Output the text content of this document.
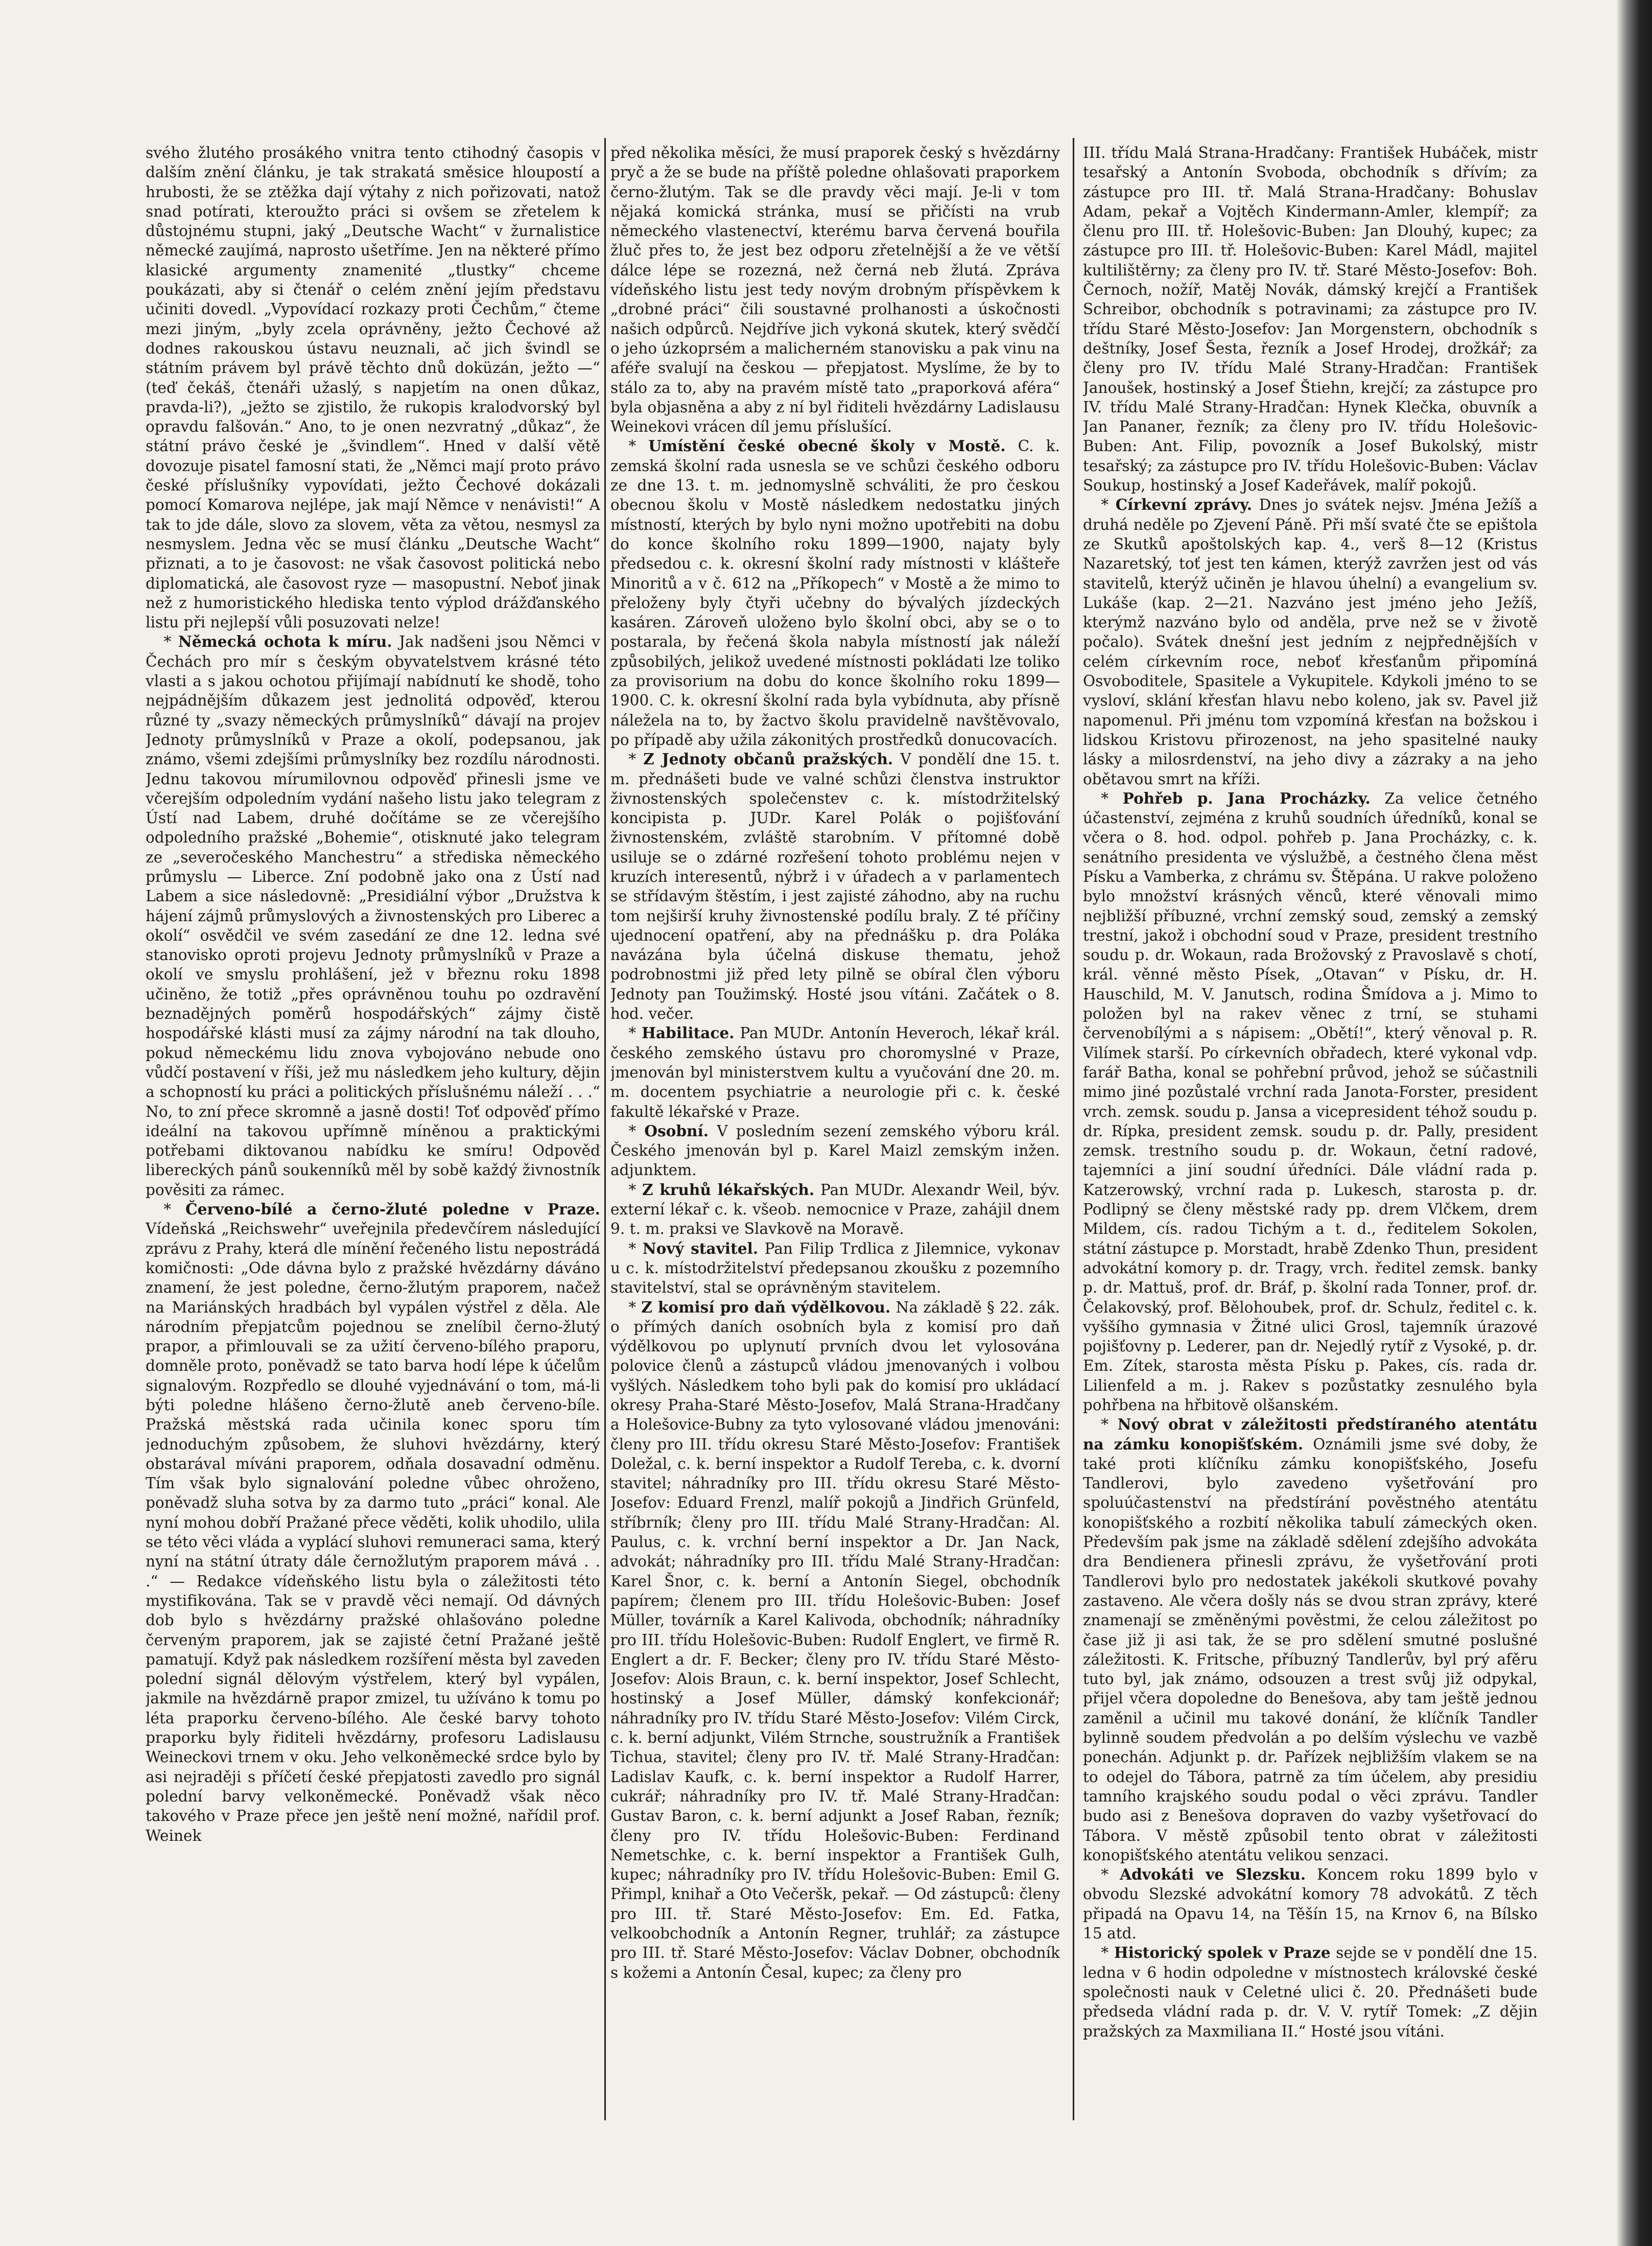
svého žlutého prosákého vnitra tento ctihodný časopis v dalším znění článku, je tak strakatá směsice hloupostí a hrubosti, že se ztěžka dají výtahy z nich pořizovati, natož snad potírati, kteroužto práci si ovšem se zřetelem k důstojnému stupni, jaký „Deutsche Wacht“ v žurnalistice německé zaujímá, naprosto ušetříme. Jen na některé přímo klasické argumenty znamenité „tlustky“ chceme poukázati, aby si čtenář o celém znění jejím představu učiniti dovedl. „Vypovídací rozkazy proti Čechům,“ čteme mezi jiným, „byly zcela oprávněny, ježto Čechové až dodnes rakouskou ústavu neuznali, ač jich švindl se státním právem byl právě těchto dnů doküzán, ježto —“ (teď čekáš, čtenáři užaslý, s napjetím na onen důkaz, pravda-li?), „ježto se zjistilo, že rukopis kralodvorský byl opravdu falšován.“ Ano, to je onen nezvratný „důkaz“, že státní právo české je „švindlem“. Hned v další větě dovozuje pisatel famosní stati, že „Němci mají proto právo české příslušníky vypovídati, ježto Čechové dokázali pomocí Komarova nejlépe, jak mají Němce v nenávisti!“ A tak to jde dále, slovo za slovem, věta za větou, nesmysl za nesmyslem. Jedna věc se musí článku „Deutsche Wacht“ přiznati, a to je časovost: ne však časovost politická nebo diplomatická, ale časovost ryze — masopustní. Neboť jinak než z humoristického hlediska tento výplod drážďanského listu při nejlepší vůli posuzovati nelze!

* Německá ochota k míru. Jak nadšeni jsou Němci v Čechách pro mír s českým obyvatelstvem krásné této vlasti a s jakou ochotou přijímají nabídnutí ke shodě, toho nejpádnějším důkazem jest jednolitá odpověď, kterou různé ty „svazy německých průmyslníků“ dávají na projev Jednoty průmyslníků v Praze a okolí, podepsanou, jak známo, všemi zdejšími průmyslníky bez rozdílu národnosti. Jednu takovou mírumilovnou odpověď přinesli jsme ve včerejším odpoledním vydání našeho listu jako telegram z Ústí nad Labem, druhé dočítáme se ze včerejšího odpoledního pražské „Bohemie“, otisknuté jako telegram ze „severočeského Manchestru“ a střediska německého průmyslu — Liberce. Zní podobně jako ona z Ústí nad Labem a sice následovně: „Presidiální výbor „Družstva k hájení zájmů průmyslových a živnostenských pro Liberec a okolí“ osvědčil ve svém zasedání ze dne 12. ledna své stanovisko oproti projevu Jednoty průmyslníků v Praze a okolí ve smyslu prohlášení, jež v březnu roku 1898 učiněno, že totiž „přes oprávněnou touhu po ozdravění beznadějných poměrů hospodářských“ zájmy čistě hospodářské klásti musí za zájmy národní na tak dlouho, pokud německému lidu znova vybojováno nebude ono vůdčí postavení v říši, jež mu následkem jeho kultury, dějin a schopností ku práci a politických příslušnému náleží . . .“ No, to zní přece skromně a jasně dosti! Toť odpověď přímo ideální na takovou upřímně míněnou a praktickými potřebami diktovanou nabídku ke smíru! Odpověď libereckých pánů soukenníků měl by sobě každý živnostník pověsiti za rámec.

* Červeno-bílé a černo-žluté poledne v Praze. Vídeňská „Reichswehr“ uveřejnila předevčírem následující zprávu z Prahy, která dle mínění řečeného listu nepostrádá komičnosti: „Ode dávna bylo z pražské hvězdárny dáváno znamení, že jest poledne, černo-žlutým praporem, načež na Mariánských hradbách byl vypálen výstřel z děla. Ale národním přepjatcům pojednou se znelíbil černo-žlutý prapor, a přimlouvali se za užití červeno-bílého praporu, domněle proto, poněvadž se tato barva hodí lépe k účelům signalovým. Rozpředlo se dlouhé vyjednávání o tom, má-li býti poledne hlášeno černo-žlutě aneb červeno-bíle. Pražská městská rada učinila konec sporu tím jednoduchým způsobem, že sluhovi hvězdárny, který obstarával míváni praporem, odňala dosavadní odměnu. Tím však bylo signalování poledne vůbec ohroženo, poněvadž sluha sotva by za darmo tuto „práci“ konal. Ale nyní mohou dobří Pražané přece věděti, kolik uhodilo, ulila se této věci vláda a vyplácí sluhovi remuneraci sama, který nyní na státní útraty dále černožlutým praporem mává . . .“ — Redakce vídeňského listu byla o záležitosti této mystifikována. Tak se v pravdě věci nemají. Od dávných dob bylo s hvězdárny pražské ohlašováno poledne červeným praporem, jak se zajisté četní Pražané ještě pamatují. Když pak následkem rozšíření města byl zaveden polední signál dělovým výstřelem, který byl vypálen, jakmile na hvězdárně prapor zmizel, tu užíváno k tomu po léta praporku červeno-bílého. Ale české barvy tohoto praporku byly řiditeli hvězdárny, profesoru Ladislausu Weineckovi trnem v oku. Jeho velkoněmecké srdce bylo by asi nejraději s příčetí české přepjatosti zavedlo pro signál polední barvy velkoněmecké. Poněvadž však něco takového v Praze přece jen ještě není možné, nařídil prof. Weinek

před několika měsíci, že musí praporek český s hvězdárny pryč a že se bude na příště poledne ohlašovati praporkem černo-žlutým. Tak se dle pravdy věci mají. Je-li v tom nějaká komická stránka, musí se přičísti na vrub německého vlastenectví, kterému barva červená bouřila žluč přes to, že jest bez odporu zřetelnější a že ve větší dálce lépe se rozezná, než černá neb žlutá. Zpráva vídeňského listu jest tedy novým drobným příspěvkem k „drobné práci“ čili soustavné prolhanosti a úskočnosti našich odpůrců. Nejdříve jich vykoná skutek, který svědčí o jeho úzkoprsém a malicherném stanovisku a pak vinu na aféře svalují na českou — přepjatost. Myslíme, že by to stálo za to, aby na pravém místě tato „praporková aféra“ byla objasněna a aby z ní byl řiditeli hvězdárny Ladislausu Weinekovi vrácen díl jemu příslušící.

* Umístění české obecné školy v Mostě. C. k. zemská školní rada usnesla se ve schůzi českého odboru ze dne 13. t. m. jednomyslně schváliti, že pro českou obecnou školu v Mostě následkem nedostatku jiných místností, kterých by bylo nyni možno upotřebiti na dobu do konce školního roku 1899—1900, najaty byly předsedou c. k. okresní školní rady místnosti v klášteře Minoritů a v č. 612 na „Příkopech“ v Mostě a že mimo to přeloženy byly čtyři učebny do bývalých jízdeckých kasáren. Zároveň uloženo bylo školní obci, aby se o to postarala, by řečená škola nabyla místností jak náleží způsobilých, jelikož uvedené místnosti pokládati lze toliko za provisorium na dobu do konce školního roku 1899—1900. C. k. okresní školní rada byla vybídnuta, aby přísně náleželа na to, by žactvo školu pravidelně navštěvovalo, po případě aby užila zákonitých prostředků donucovacích.

* Z Jednoty občanů pražských. V pondělí dne 15. t. m. přednášeti bude ve valné schůzi členstva instruktor živnostenských společenstev c. k. místodržitelský koncipista p. JUDr. Karel Polák o pojišťování živnostenském, zvláště starobním. V přítomné době usilujе se o zdárné rozřešení tohoto problému nejen v kruzích interesentů, nýbrž i v úřadech a v parlamentech se střídavým štěstím, i jest zajisté záhodno, aby na ruchu tom nejširší kruhy živnostenské podílu braly. Z té příčiny ujednocení opatření, aby na přednášku p. dra Poláka navázána byla účelná diskuse thematu, jehož podrobnostmi již před lety pilně se obíral člen výboru Jednoty pan Toužimský. Hosté jsou vítáni. Začátek o 8. hod. večer.

* Habilitace. Pan MUDr. Antonín Heveroch, lékař král. českého zemského ústavu pro choromyslné v Praze, jmenován byl ministerstvem kultu a vyučování dne 20. m. m. docentem psychiatrie a neurologie při c. k. české fakultě lékařské v Praze.

* Osobní. V posledním sezení zemského výboru král. Českého jmenován byl p. Karel Maizl zemským inžen. adjunktem.

* Z kruhů lékařských. Pan MUDr. Alexandr Weil, býv. externí lékař c. k. všeob. nemocnice v Praze, zahájil dnem 9. t. m. praksi ve Slavkově na Moravě.

* Nový stavitel. Pan Filip Trdlica z Jilemnice, vykonav u c. k. místodržitelství předepsanou zkoušku z pozemního stavitelství, stal se oprávněným stavitelem.

* Z komisí pro daň výdělkovou. Na základě § 22. zák. o přímých daních osobních byla z komisí pro daň výdělkovou po uplynutí prvních dvou let vylosována polovice členů a zástupců vládou jmenovaných i volbou vyšlých. Následkem toho byli pak do komisí pro ukládací okresy Praha-Staré Město-Josefov, Malá Strana-Hradčany a Holešovice-Bubny za tyto vylosované vládou jmenováni: členy pro III. třídu okresu Staré Město-Josefov: František Doležal, c. k. berní inspektor a Rudolf Tereba, c. k. dvorní stavitel; náhradníky pro III. třídu okresu Staré Město-Josefov: Eduard Frenzl, malíř pokojů a Jindřich Grünfeld, stříbrník; členy pro III. třídu Malé Strany-Hradčan: Al. Paulus, c. k. vrchní berní inspektor a Dr. Jan Nack, advokát; náhradníky pro III. třídu Malé Strany-Hradčan: Karel Šnor, c. k. berní a Antonín Siegel, obchodník papírem; členem pro III. třídu Holešovic-Buben: Josef Müller, továrník a Karel Kalivoda, obchodník; náhradníky pro III. třídu Holešovic-Buben: Rudolf Englert, ve firmě R. Englert a dr. F. Becker; členy pro IV. třídu Staré Město-Josefov: Alois Braun, c. k. berní inspektor, Josef Schlecht, hostinský a Josef Müller, dámský konfekcionář; náhradníky pro IV. třídu Staré Město-Josefov: Vilém Circk, c. k. berní adjunkt, Vilém Strnche, soustružník a František Tichua, stavitel; členy pro IV. tř. Malé Strany-Hradčan: Ladislav Kaufk, c. k. berní inspektor a Rudolf Harrer, cukrář; náhradníky pro IV. tř. Malé Strany-Hradčan: Gustav Baron, c. k. berní adjunkt a Josef Raban, řezník; členy pro IV. třídu Holešovic-Buben: Ferdinand Nemetschke, c. k. berní inspektor a František Gulh, kupec; náhradníky pro IV. třídu Holešovic-Buben: Emil G. Přimpl, knihař a Oto Večeršk, pekař. — Od zástupců: členy pro III. tř. Staré Město-Josefov: Em. Ed. Fatka, velkoobchodník a Antonín Regner, truhlář; za zástupce pro III. tř. Staré Město-Josefov: Václav Dobner, obchodník s kožemi a Antonín Česal, kupec; za členy pro

III. třídu Malá Strana-Hradčany: František Hubáček, mistr tesařský a Antonín Svoboda, obchodník s dřívím; za zástupce pro III. tř. Malá Strana-Hradčany: Bohuslav Adam, pekař a Vojtěch Kindermann-Amler, klempíř; za členu pro III. tř. Holešovic-Buben: Jan Dlouhý, kupec; za zástupce pro III. tř. Holešovic-Buben: Karel Mádl, majitel kultilištěrny; za členy pro IV. tř. Staré Město-Josefov: Boh. Černoch, nožíř, Matěj Novák, dámský krejčí a František Schreibor, obchodník s potravinami; za zástupce pro IV. třídu Staré Město-Josefov: Jan Morgenstern, obchodník s deštníky, Josef Šesta, řezník a Josef Hrodej, drožkář; za členy pro IV. třídu Malé Strany-Hradčan: František Janoušek, hostinský a Josef Štiehn, krejčí; za zástupce pro IV. třídu Malé Strany-Hradčan: Hynek Klečka, obuvník a Jan Pananer, řezník; za členy pro IV. třídu Holešovic-Buben: Ant. Filip, povozník a Josef Bukolský, mistr tesařský; za zástupce pro IV. třídu Holešovic-Buben: Václav Soukup, hostinský a Josef Kadeřávek, malíř pokojů.

* Církevní zprávy. Dnes jo svátek nejsv. Jména Ježíš a druhá neděle po Zjevení Páně. Při mší svaté čte se epištola ze Skutků apoštolských kap. 4., verš 8—12 (Kristus Nazaretský, toť jest ten kámen, kterýž zavržen jest od vás stavitelů, kterýž učiněn je hlavou úhelní) a evangelium sv. Lukáše (kap. 2—21. Nazváno jest jméno jeho Ježíš, kterýmž nazváno bylo od anděla, prve než se v životě počalo). Svátek dnešní jest jedním z nejpřednějších v celém církevním roce, neboť křesťanům připomíná Osvoboditele, Spasitele a Vykupitele. Kdykoli jméno to se vysloví, sklání křesťan hlavu nebo koleno, jak sv. Pavel již napomenul. Při jménu tom vzpomíná křesťan na božskou i lidskou Kristovu přirozenost, na jeho spasitelné nauky lásky a milosrdenství, na jeho divy a zázraky a na jeho obětavou smrt na kříži.

* Pohřeb p. Jana Procházky. Za velice četného účastenství, zejména z kruhů soudních úředníků, konal se včera o 8. hod. odpol. pohřeb p. Jana Procházky, c. k. senátního presidenta ve výslužbě, a čestného člena měst Písku a Vamberka, z chrámu sv. Štěpána. U rakve položeno bylo množství krásných věnců, které věnovali mimo nejbližší příbuzné, vrchní zemský soud, zemský a zemský trestní, jakož i obchodní soud v Praze, president trestního soudu p. dr. Wokaun, rada Brožovský z Pravoslavě s chotí, král. věnné město Písek, „Otavan“ v Písku, dr. H. Hauschild, M. V. Janutsch, rodina Šmídova a j. Mimo to položen byl na rakev věnec z trní, se stuhami červenobílými a s nápisem: „Obětí!“, který věnoval p. R. Vilímek starší. Po církevních obřadech, které vykonal vdp. farář Batha, konal se pohřební průvod, jehož se súčastnili mimo jiné pozůstalé vrchní rada Janota-Forster, president vrch. zemsk. soudu p. Jansa a vicepresident téhož soudu p. dr. Rípka, president zemsk. soudu p. dr. Pally, president zemsk. trestního soudu p. dr. Wokaun, četní radové, tajemníci a jiní soudní úředníci. Dále vládní rada p. Katzerowský, vrchní rada p. Lukesch, starosta p. dr. Podlipný se členy městské rady pp. drem Vlčkem, drem Mildem, cís. radou Tichým a t. d., ředitelem Sokolen, státní zástupce p. Morstadt, hrabě Zdenko Thun, president advokátní komory p. dr. Tragy, vrch. ředitel zemsk. banky p. dr. Mattuš, prof. dr. Bráf, p. školní rada Tonner, prof. dr. Čelakovský, prof. Bělohoubek, prof. dr. Schulz, ředitel c. k. vyššího gymnasia v Žitné ulici Grosl, tajemník úrazové pojišťovny p. Lederer, pan dr. Nejedlý rytíř z Vysoké, p. dr. Em. Zítek, starosta města Písku p. Pakes, cís. rada dr. Lilienfeld a m. j. Rakev s pozůstatky zesnulého byla pohřbena na hřbitově olšanském.

* Nový obrat v záležitosti předstíraného atentátu na zámku konopišťském. Oznámili jsme své doby, že také proti klíčníku zámku konopišťského, Josefu Tandlerovi, bylo zavedeno vyšetřování pro spoluúčastenství na předstírání pověstného atentátu konopišťského a rozbití několika tabulí zámeckých oken. Především pak jsme na základě sdělení zdejšího advokáta dra Bendienera přinesli zprávu, že vyšetřování proti Tandlerovi bylo pro nedostatek jakékoli skutkové povahy zastaveno. Ale včera došly nás se dvou stran zprávy, které znamenají se změněnými pověstmi, že celou záležitost po čase již ji asi tak, že se pro sdělení smutné poslušné záležitosti. K. Fritsche, příbuzný Tandlerův, byl prý afěru tuto byl, jak známo, odsouzen a trest svůj již odpykal, přijel včera dopoledne do Benešova, aby tam ještě jednou zaměnil a učinil mu takové donání, že klíčník Tandler bylinně soudem předvolán a po delším výslechu ve vazbě ponechán. Adjunkt p. dr. Pařízek nejbližším vlakem se na to odejel do Tábora, patrně za tím účelem, aby presidiu tamního krajského soudu podal o věci zprávu. Tandler budo asi z Benešova dopraven do vazby vyšetřovací do Tábora. V městě způsobil tento obrat v záležitosti konopišťského atentátu velikou senzaci.

* Advokáti ve Slezsku. Koncem roku 1899 bylo v obvodu Slezské advokátní komory 78 advokátů. Z těch připadá na Opavu 14, na Těšín 15, na Krnov 6, na Bílsko 15 atd.

* Historický spolek v Praze sejde se v pondělí dne 15. ledna v 6 hodin odpoledne v místnostech královské české společnosti nauk v Celetné ulici č. 20. Přednášeti bude předseda vládní rada p. dr. V. V. rytíř Tomek: „Z dějin pražských za Maxmiliana II.“ Hosté jsou vítáni.
